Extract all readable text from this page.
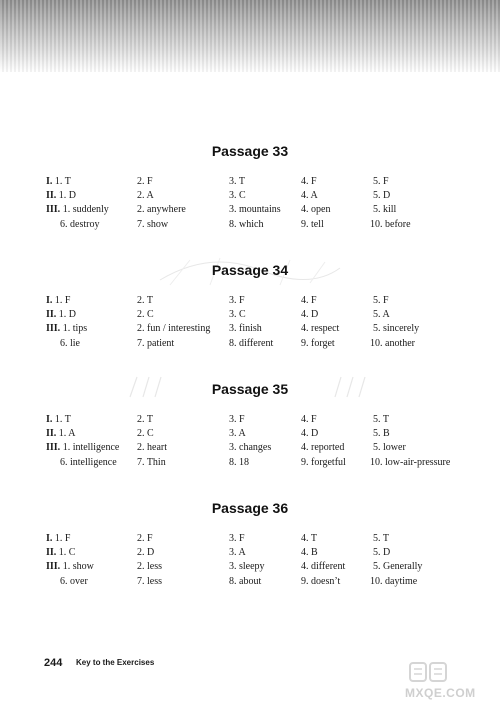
Passage 33
I. 1. T	2. F	3. T	4. F	5. F
II. 1. D	2. A	3. C	4. A	5. D
III. 1. suddenly	2. anywhere	3. mountains 4. open	5. kill
6. destroy	7. show	8. which	9. tell	10. before
Passage 34
I. 1. F	2. T	3. F	4. F	5. F
II. 1. D	2. C	3. C	4. D	5. A
III. 1. tips	2. fun / interesting 3. finish	4. respect	5. sincerely
6. lie	7. patient	8. different	9. forget	10. another
Passage 35
I. 1. T	2. T	3. F	4. F	5. T
II. 1. A	2. C	3. A	4. D	5. B
III. 1. intelligence 2. heart	3. changes	4. reported	5. lower
6. intelligence 7. Thin	8. 18	9. forgetful 10. low-air-pressure
Passage 36
I. 1. F	2. F	3. F	4. T	5. T
II. 1. C	2. D	3. A	4. B	5. D
III. 1. show	2. less	3. sleepy	4. different	5. Generally
6. over	7. less	8. about	9. doesn’t	10. daytime
244 Key to the Exercises
MXQE.COM
